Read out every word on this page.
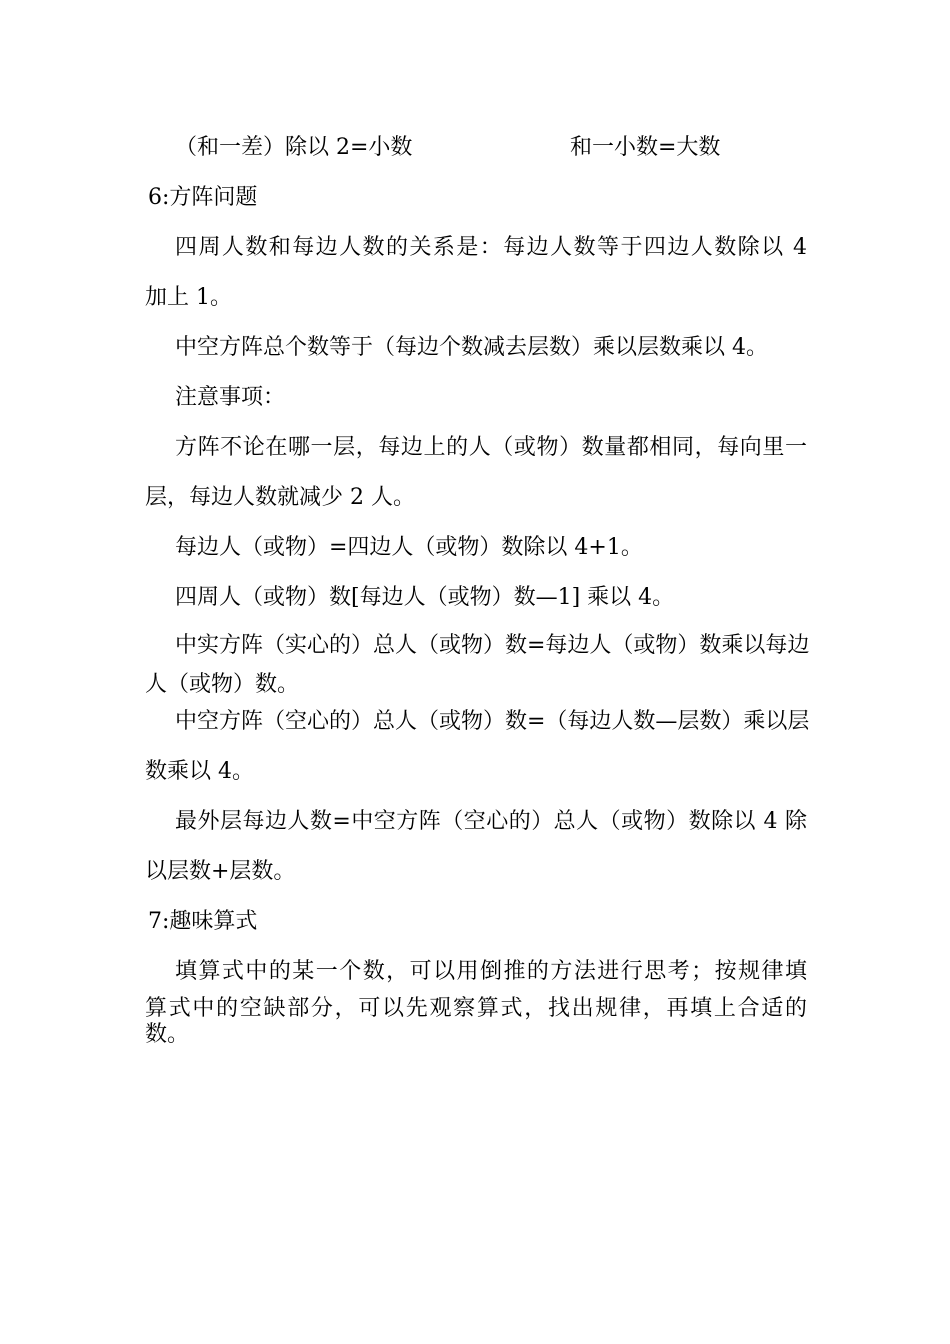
（和一差）除以 2=小数	和一小数=大数

6:方阵问题

四周人数和每边人数的关系是：每边人数等于四边人数除以 4

加上 1。

中空方阵总个数等于（每边个数减去层数）乘以层数乘以 4。

注意事项：

方阵不论在哪一层，每边上的人（或物）数量都相同，每向里一

层，每边人数就减少 2 人。

每边人（或物）=四边人（或物）数除以 4+1。

四周人（或物）数[每边人（或物）数—1] 乘以 4。

中实方阵（实心的）总人（或物）数=每边人（或物）数乘以每边

人（或物）数。

中空方阵（空心的）总人（或物）数=（每边人数—层数）乘以层

数乘以 4。

最外层每边人数=中空方阵（空心的）总人（或物）数除以 4 除

以层数+层数。

7:趣味算式

填算式中的某一个数，可以用倒推的方法进行思考；按规律填

算式中的空缺部分，可以先观察算式，找出规律，再填上合适的

数。
